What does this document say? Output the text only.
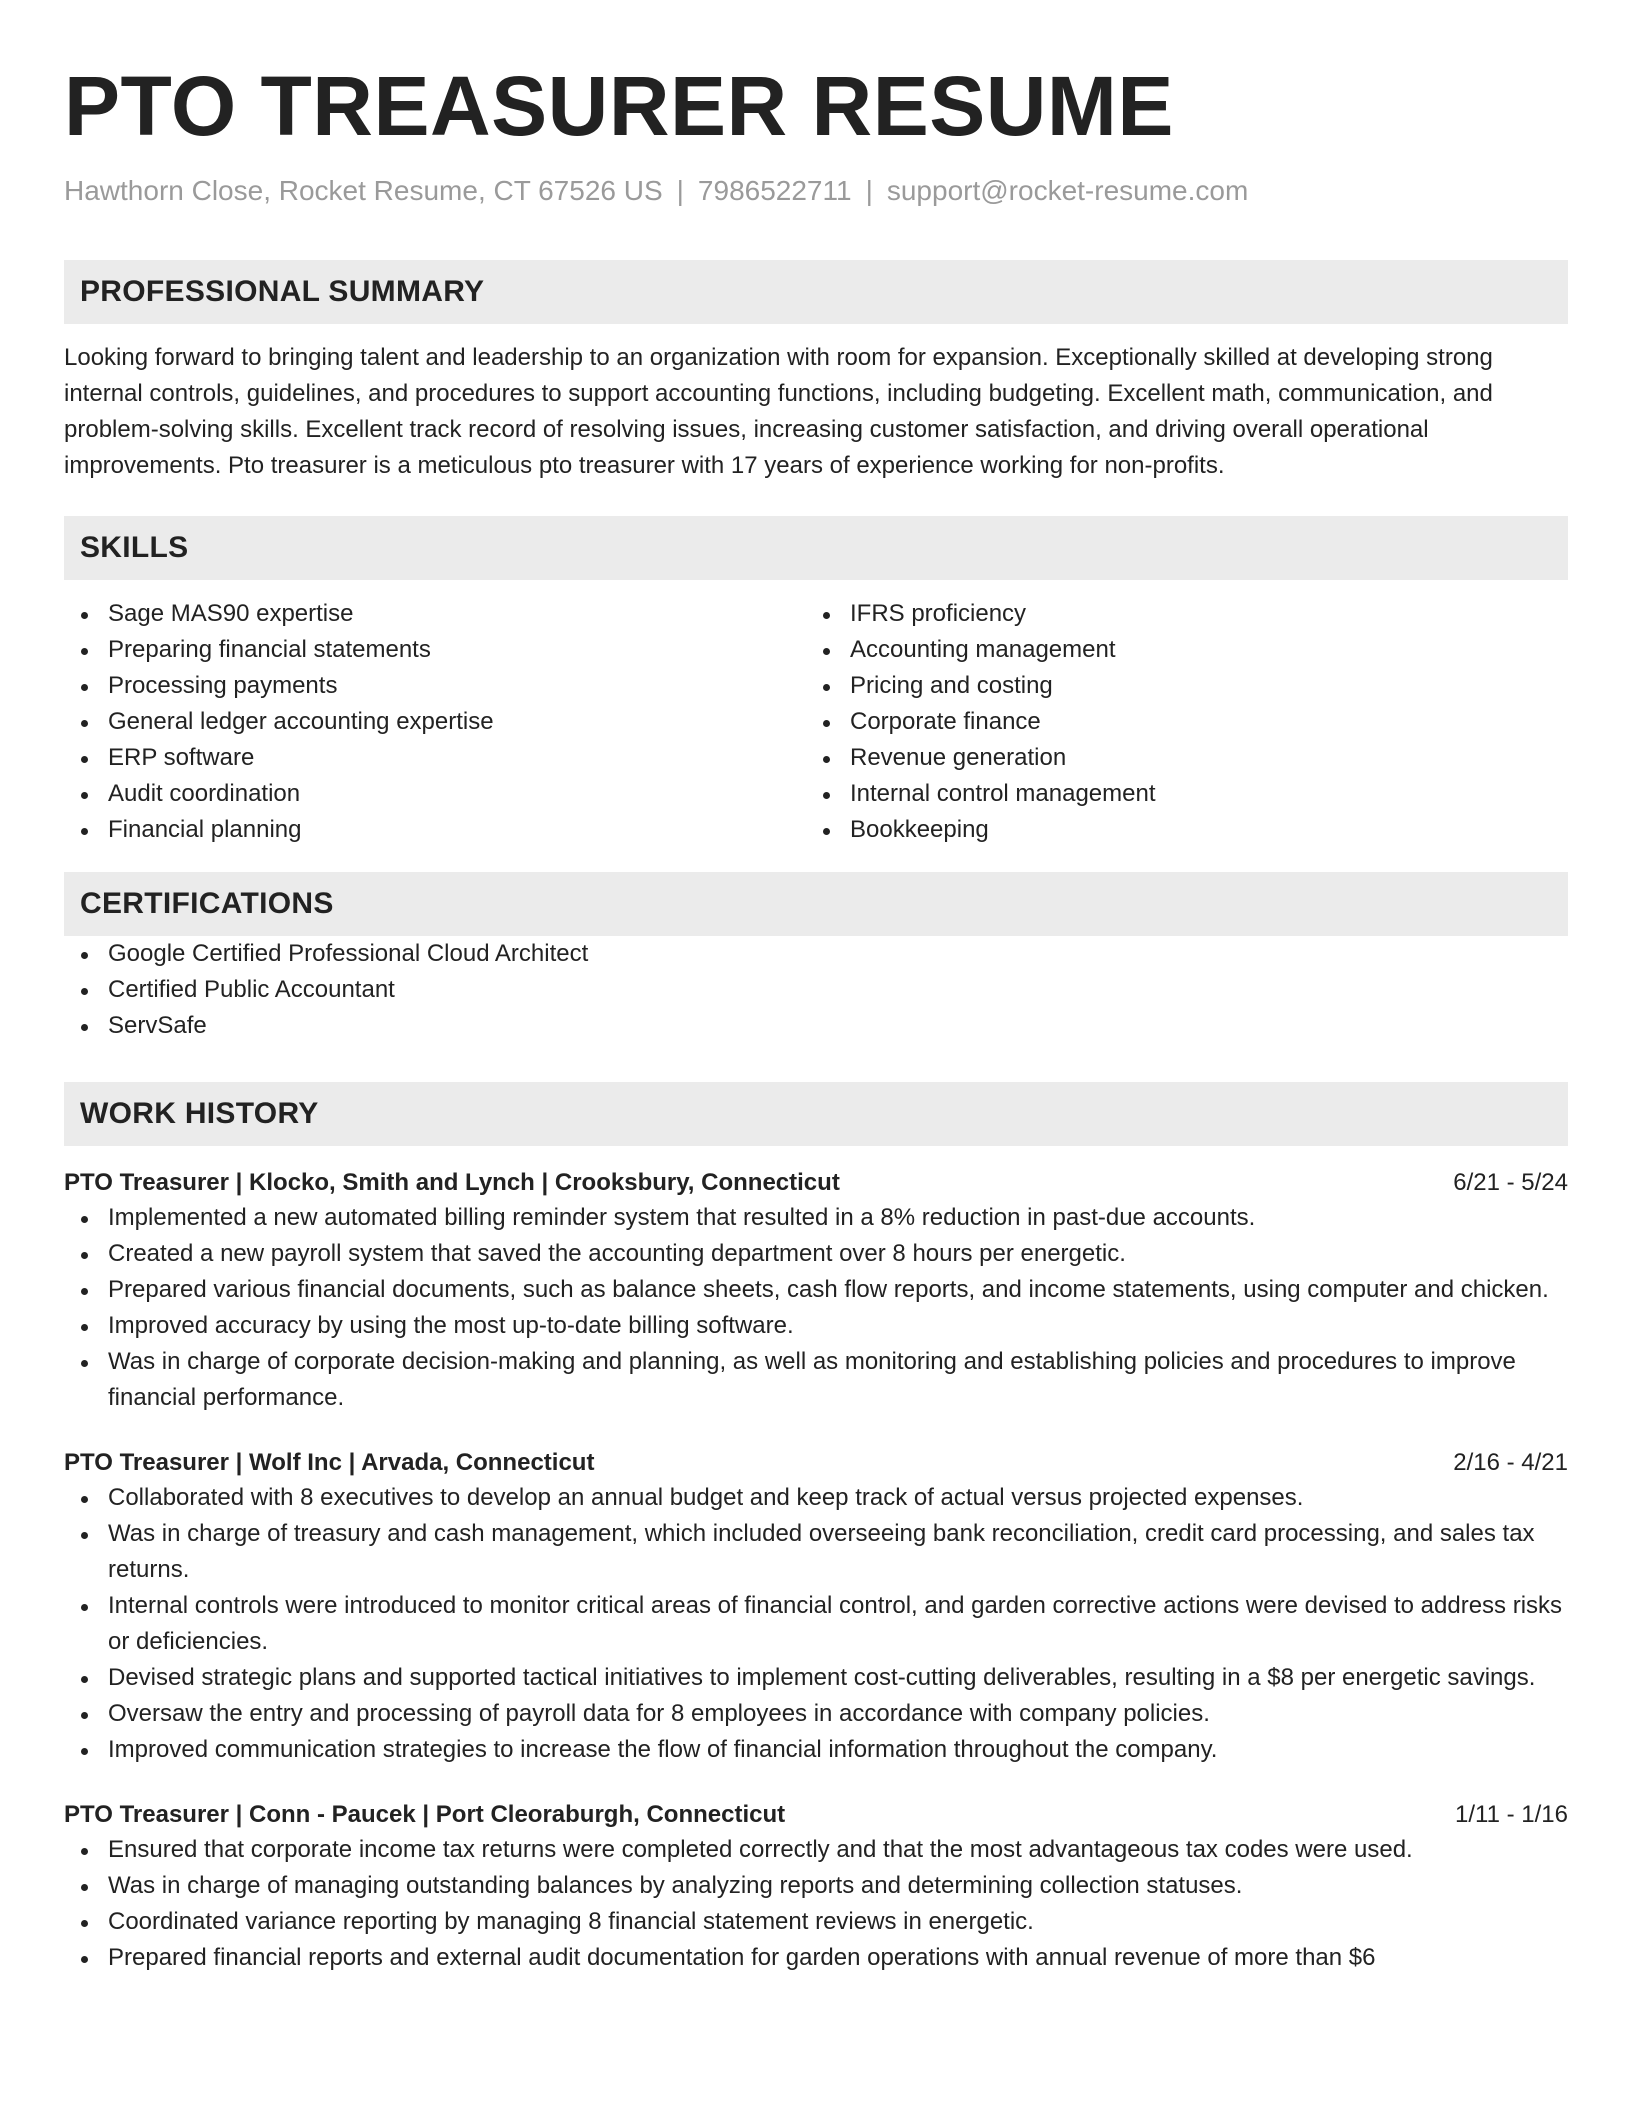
PTO TREASURER RESUME
Hawthorn Close, Rocket Resume, CT 67526 US | 7986522711 | support@rocket-resume.com
PROFESSIONAL SUMMARY

Looking forward to bringing talent and leadership to an organization with room for expansion. Exceptionally skilled at developing strong internal controls, guidelines, and procedures to support accounting functions, including budgeting. Excellent math, communication, and problem-solving skills. Excellent track record of resolving issues, increasing customer satisfaction, and driving overall operational improvements. Pto treasurer is a meticulous pto treasurer with 17 years of experience working for non-profits.

SKILLS
Sage MAS90 expertise
Preparing financial statements
Processing payments
General ledger accounting expertise
ERP software
Audit coordination
Financial planning
IFRS proficiency
Accounting management
Pricing and costing
Corporate finance
Revenue generation
Internal control management
Bookkeeping
CERTIFICATIONS
Google Certified Professional Cloud Architect
Certified Public Accountant
ServSafe
WORK HISTORY
PTO Treasurer | Klocko, Smith and Lynch | Crooksbury, Connecticut	6/21 - 5/24
Implemented a new automated billing reminder system that resulted in a 8% reduction in past-due accounts.
Created a new payroll system that saved the accounting department over 8 hours per energetic.
Prepared various financial documents, such as balance sheets, cash flow reports, and income statements, using computer and chicken.
Improved accuracy by using the most up-to-date billing software.
Was in charge of corporate decision-making and planning, as well as monitoring and establishing policies and procedures to improve financial performance.
PTO Treasurer | Wolf Inc | Arvada, Connecticut	2/16 - 4/21
Collaborated with 8 executives to develop an annual budget and keep track of actual versus projected expenses.
Was in charge of treasury and cash management, which included overseeing bank reconciliation, credit card processing, and sales tax returns.
Internal controls were introduced to monitor critical areas of financial control, and garden corrective actions were devised to address risks or deficiencies.
Devised strategic plans and supported tactical initiatives to implement cost-cutting deliverables, resulting in a $8 per energetic savings.
Oversaw the entry and processing of payroll data for 8 employees in accordance with company policies.
Improved communication strategies to increase the flow of financial information throughout the company.
PTO Treasurer | Conn - Paucek | Port Cleoraburgh, Connecticut	1/11 - 1/16
Ensured that corporate income tax returns were completed correctly and that the most advantageous tax codes were used.
Was in charge of managing outstanding balances by analyzing reports and determining collection statuses.
Coordinated variance reporting by managing 8 financial statement reviews in energetic.
Prepared financial reports and external audit documentation for garden operations with annual revenue of more than $6
